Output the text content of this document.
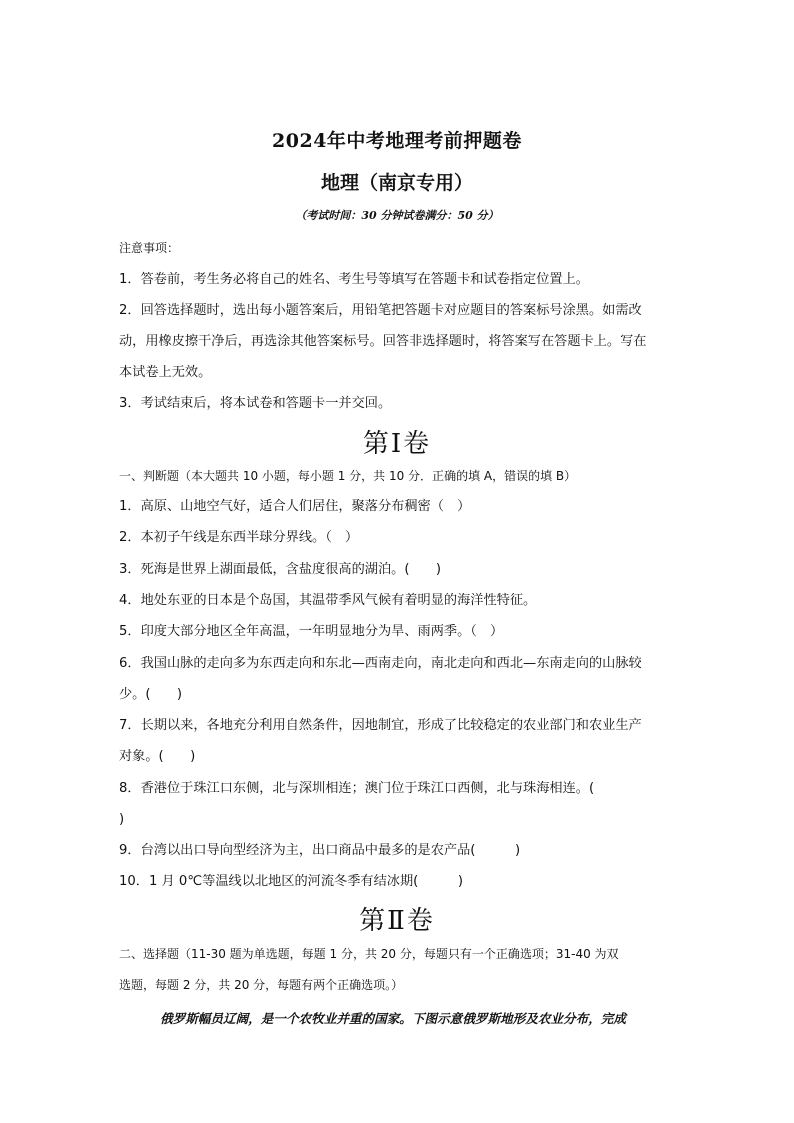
2024年中考地理考前押题卷
地理（南京专用）
（考试时间：30 分钟试卷满分：50 分）
注意事项：
1．答卷前，考生务必将自己的姓名、考生号等填写在答题卡和试卷指定位置上。
2．回答选择题时，选出每小题答案后，用铅笔把答题卡对应题目的答案标号涂黑。如需改
动，用橡皮擦干净后，再选涂其他答案标号。回答非选择题时，将答案写在答题卡上。写在
本试卷上无效。
3．考试结束后，将本试卷和答题卡一并交回。
第Ⅰ卷
一、判断题（本大题共 10 小题，每小题 1 分，共 10 分．正确的填 A，错误的填 B）
1．高原、山地空气好，适合人们居住，聚落分布稠密（　）
2．本初子午线是东西半球分界线。（　）
3．死海是世界上湖面最低，含盐度很高的湖泊。(　　)
4．地处东亚的日本是个岛国，其温带季风气候有着明显的海洋性特征。
5．印度大部分地区全年高温，一年明显地分为旱、雨两季。（　）
6．我国山脉的走向多为东西走向和东北—西南走向，南北走向和西北—东南走向的山脉较
少。(　　)
7．长期以来，各地充分利用自然条件，因地制宜，形成了比较稳定的农业部门和农业生产
对象。(　　)
8．香港位于珠江口东侧，北与深圳相连；澳门位于珠江口西侧，北与珠海相连。(
)
9．台湾以出口导向型经济为主，出口商品中最多的是农产品(　　　)
10．1 月 0℃等温线以北地区的河流冬季有结冰期(　　　)
第Ⅱ卷
二、选择题（11-30 题为单选题，每题 1 分，共 20 分，每题只有一个正确选项；31-40 为双
选题，每题 2 分，共 20 分，每题有两个正确选项。）
俄罗斯幅员辽阔，是一个农牧业并重的国家。下图示意俄罗斯地形及农业分布，完成
